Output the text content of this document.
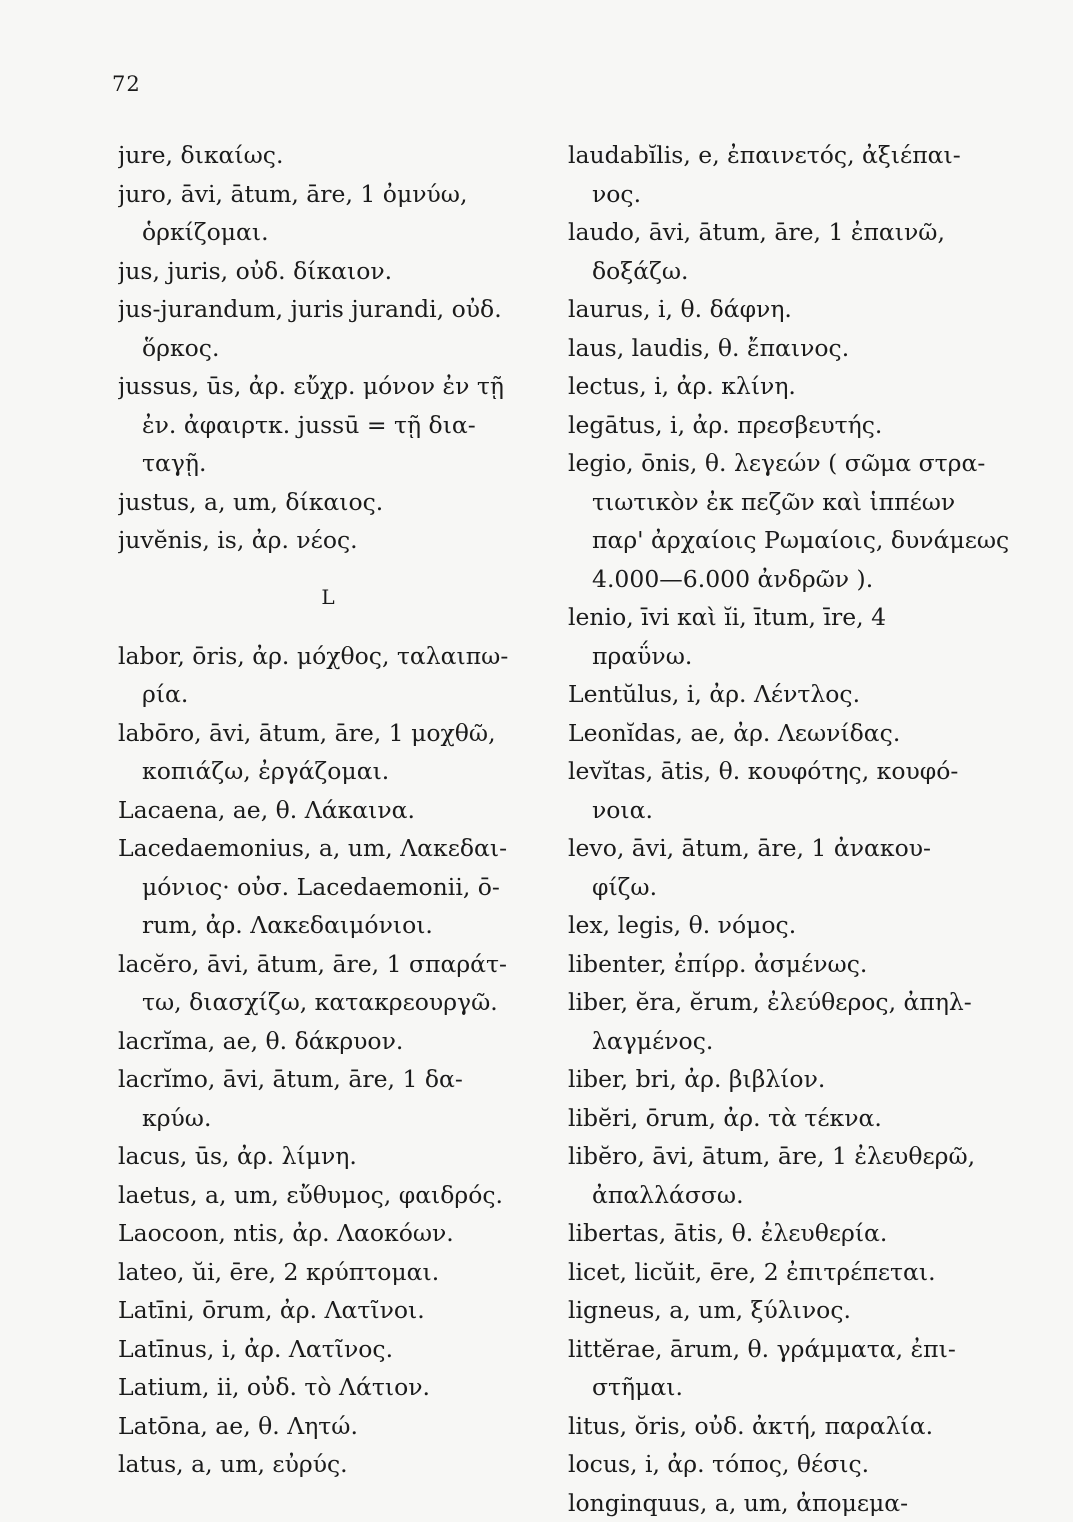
72
jure, δικαίως.
juro, āvi, ātum, āre, 1 ὀμνύω,
ὁρκίζομαι.
jus, juris, οὐδ. δίκαιον.
jus-jurandum, juris jurandi, οὐδ.
ὅρκος.
jussus, ūs, ἀρ. εὔχρ. μόνον ἐν τῇ
ἐν. ἀφαιρτκ. jussū = τῇ δια-
ταγῇ.
justus, a, um, δίκαιος.
juvĕnis, is, ἀρ. νέος.
L
labor, ōris, ἀρ. μόχθος, ταλαιπω-
ρία.
labōro, āvi, ātum, āre, 1 μοχθῶ,
κοπιάζω, ἐργάζομαι.
Lacaena, ae, θ. Λάκαινα.
Lacedaemonius, a, um, Λακεδαι-
μόνιος· οὐσ. Lacedaemonii, ō-
rum, ἀρ. Λακεδαιμόνιοι.
lacĕro, āvi, ātum, āre, 1 σπαράτ-
τω, διασχίζω, κατακρεουργῶ.
lacrĭma, ae, θ. δάκρυον.
lacrĭmo, āvi, ātum, āre, 1 δα-
κρύω.
lacus, ūs, ἀρ. λίμνη.
laetus, a, um, εὔθυμος, φαιδρός.
Laocoon, ntis, ἀρ. Λαοκόων.
lateo, ŭi, ēre, 2 κρύπτομαι.
Latīni, ōrum, ἀρ. Λατῖνοι.
Latīnus, i, ἀρ. Λατῖνος.
Latium, ii, οὐδ. τὸ Λάτιον.
Latōna, ae, θ. Λητώ.
latus, a, um, εὐρύς.
laudabĭlis, e, ἐπαινετός, ἀξιέπαι-
νος.
laudo, āvi, ātum, āre, 1 ἐπαινῶ,
δοξάζω.
laurus, i, θ. δάφνη.
laus, laudis, θ. ἔπαινος.
lectus, i, ἀρ. κλίνη.
legātus, i, ἀρ. πρεσβευτής.
legio, ōnis, θ. λεγεών ( σῶμα στρα-
τιωτικὸν ἐκ πεζῶν καὶ ἱππέων
παρ' ἀρχαίοις Ρωμαίοις, δυνάμεως
4.000—6.000 ἀνδρῶν ).
lenio, īvi καὶ ĭi, ītum, īre, 4
πραΰνω.
Lentŭlus, i, ἀρ. Λέντλος.
Leonĭdas, ae, ἀρ. Λεωνίδας.
levĭtas, ātis, θ. κουφότης, κουφό-
νοια.
levo, āvi, ātum, āre, 1 ἀνακου-
φίζω.
lex, legis, θ. νόμος.
libenter, ἐπίρρ. ἀσμένως.
liber, ĕra, ĕrum, ἐλεύθερος, ἀπηλ-
λαγμένος.
liber, bri, ἀρ. βιβλίον.
libĕri, ōrum, ἀρ. τὰ τέκνα.
libĕro, āvi, ātum, āre, 1 ἐλευθερῶ,
ἀπαλλάσσω.
libertas, ātis, θ. ἐλευθερία.
licet, licŭit, ēre, 2 ἐπιτρέπεται.
ligneus, a, um, ξύλινος.
littĕrae, ārum, θ. γράμματα, ἐπι-
στῆμαι.
litus, ŏris, οὐδ. ἀκτή, παραλία.
locus, i, ἀρ. τόπος, θέσις.
longinquus, a, um, ἀπομεμα-
